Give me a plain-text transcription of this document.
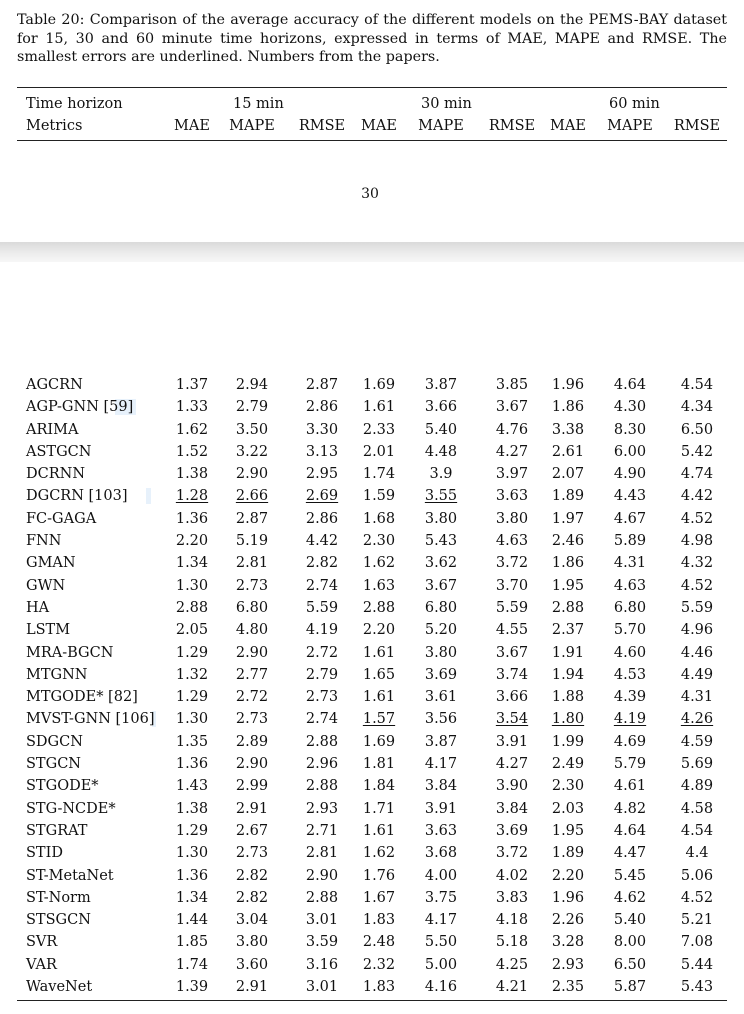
Table 20: Comparison of the average accuracy of the different models on the PEMS-BAY dataset for 15, 30 and 60 minute time horizons, expressed in terms of MAE, MAPE and RMSE. The smallest errors are underlined. Numbers from the papers.
Time horizon	15 min	30 min	60 min
Metrics	MAE MAPE RMSE MAE MAPE RMSE MAE MAPE RMSE
30
AGCRN	1.37 2.94	2.87 1.69 3.87	3.85 1.96 4.64 4.54
AGP-GNN [59]	1.33 2.79	2.86 1.61 3.66	3.67 1.86 4.30 4.34
ARIMA	1.62 3.50	3.30 2.33 5.40	4.76 3.38 8.30 6.50
ASTGCN	1.52 3.22	3.13 2.01 4.48	4.27 2.61 6.00 5.42
DCRNN	1.38 2.90	2.95 1.74 3.9	3.97 2.07 4.90 4.74
DGCRN [103]	1.28 2.66	2.69 1.59 3.55	3.63 1.89 4.43 4.42
FC-GAGA	1.36 2.87	2.86 1.68 3.80	3.80 1.97 4.67 4.52
FNN	2.20 5.19	4.42 2.30 5.43	4.63 2.46 5.89 4.98
GMAN	1.34 2.81	2.82 1.62 3.62	3.72 1.86 4.31 4.32
GWN	1.30 2.73	2.74 1.63 3.67	3.70 1.95 4.63 4.52
HA	2.88 6.80	5.59 2.88 6.80	5.59 2.88 6.80 5.59
LSTM	2.05 4.80	4.19 2.20 5.20	4.55 2.37 5.70 4.96
MRA-BGCN	1.29 2.90	2.72 1.61 3.80	3.67 1.91 4.60 4.46
MTGNN	1.32 2.77	2.79 1.65 3.69	3.74 1.94 4.53 4.49
MTGODE* [82]	1.29 2.72	2.73 1.61 3.61	3.66 1.88 4.39 4.31
MVST-GNN [106] 1.30 2.73	2.74 1.57 3.56	3.54 1.80 4.19 4.26
SDGCN	1.35 2.89	2.88 1.69 3.87	3.91 1.99 4.69 4.59
STGCN	1.36 2.90	2.96 1.81 4.17	4.27 2.49 5.79 5.69
STGODE*	1.43 2.99	2.88 1.84 3.84	3.90 2.30 4.61 4.89
STG-NCDE*	1.38 2.91	2.93 1.71 3.91	3.84 2.03 4.82 4.58
STGRAT	1.29 2.67	2.71 1.61 3.63	3.69 1.95 4.64 4.54
STID	1.30 2.73	2.81 1.62 3.68	3.72 1.89 4.47	4.4
ST-MetaNet	1.36 2.82	2.90 1.76 4.00	4.02 2.20 5.45 5.06
ST-Norm	1.34 2.82	2.88 1.67 3.75	3.83 1.96 4.62 4.52
STSGCN	1.44 3.04	3.01 1.83 4.17	4.18 2.26 5.40 5.21
SVR	1.85 3.80	3.59 2.48 5.50	5.18 3.28 8.00 7.08
VAR	1.74 3.60	3.16 2.32 5.00	4.25 2.93 6.50 5.44
WaveNet	1.39 2.91	3.01 1.83 4.16	4.21 2.35 5.87 5.43
